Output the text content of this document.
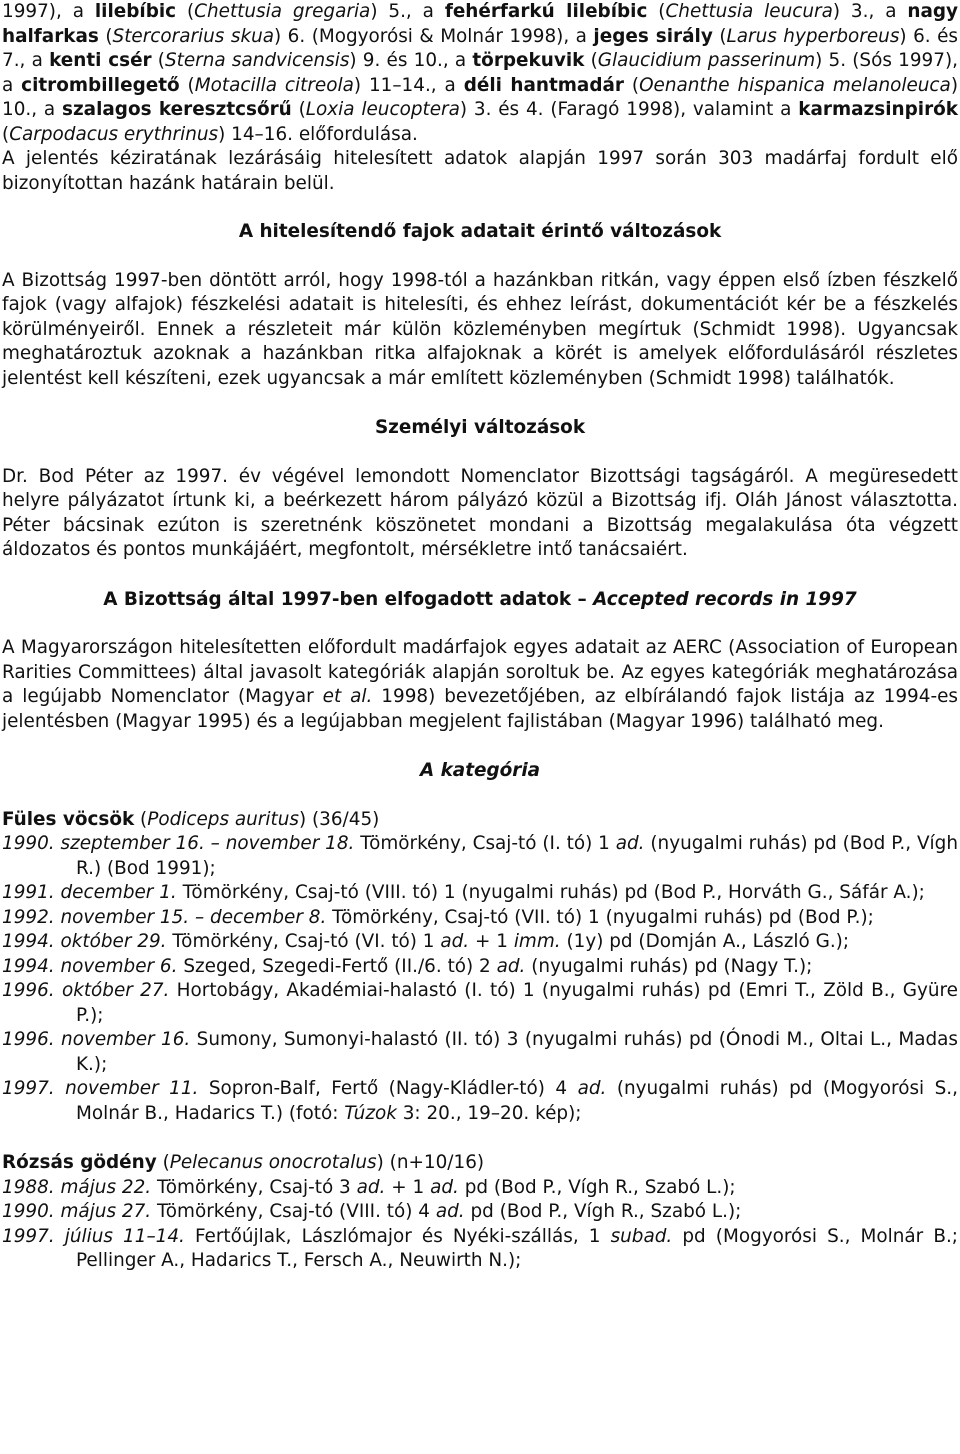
1997), a lilebíbic (Chettusia gregaria) 5., a fehérfarkú lilebíbic (Chettusia leucura) 3., a nagy halfarkas (Stercorarius skua) 6. (Mogyorósi & Molnár 1998), a jeges sirály (Larus hyperboreus) 6. és 7., a kenti csér (Sterna sandvicensis) 9. és 10., a törpekuvik (Glaucidium passerinum) 5. (Sós 1997), a citrombillegető (Motacilla citreola) 11–14., a déli hantmadár (Oenanthe hispanica melanoleuca) 10., a szalagos keresztcsőrű (Loxia leucoptera) 3. és 4. (Faragó 1998), valamint a karmazsinpirók (Carpodacus erythrinus) 14–16. előfordulása.

A jelentés kéziratának lezárásáig hitelesített adatok alapján 1997 során 303 madárfaj fordult elő bizonyítottan hazánk határain belül.

A hitelesítendő fajok adatait érintő változások

A Bizottság 1997-ben döntött arról, hogy 1998-tól a hazánkban ritkán, vagy éppen első ízben fészkelő fajok (vagy alfajok) fészkelési adatait is hitelesíti, és ehhez leírást, dokumentációt kér be a fészkelés körülményeiről. Ennek a részleteit már külön közleményben megírtuk (Schmidt 1998). Ugyancsak meghatároztuk azoknak a hazánkban ritka alfajoknak a körét is amelyek előfordulásáról részletes jelentést kell készíteni, ezek ugyancsak a már említett közleményben (Schmidt 1998) találhatók.

Személyi változások

Dr. Bod Péter az 1997. év végével lemondott Nomenclator Bizottsági tagságáról. A megüresedett helyre pályázatot írtunk ki, a beérkezett három pályázó közül a Bizottság ifj. Oláh Jánost választotta. Péter bácsinak ezúton is szeretnénk köszönetet mondani a Bizottság megalakulása óta végzett áldozatos és pontos munkájáért, megfontolt, mérsékletre intő tanácsaiért.

A Bizottság által 1997-ben elfogadott adatok – Accepted records in 1997

A Magyarországon hitelesítetten előfordult madárfajok egyes adatait az AERC (Association of European Rarities Committees) által javasolt kategóriák alapján soroltuk be. Az egyes kategóriák meghatározása a legújabb Nomenclator (Magyar et al. 1998) bevezetőjében, az elbírálandó fajok listája az 1994-es jelentésben (Magyar 1995) és a legújabban megjelent fajlistában (Magyar 1996) található meg.

A kategória

Füles vöcsök (Podiceps auritus) (36/45)

1990. szeptember 16. – november 18. Tömörkény, Csaj-tó (I. tó) 1 ad. (nyugalmi ruhás) pd (Bod P., Vígh R.) (Bod 1991);

1991. december 1. Tömörkény, Csaj-tó (VIII. tó) 1 (nyugalmi ruhás) pd (Bod P., Horváth G., Sáfár A.);

1992. november 15. – december 8. Tömörkény, Csaj-tó (VII. tó) 1 (nyugalmi ruhás) pd (Bod P.);

1994. október 29. Tömörkény, Csaj-tó (VI. tó) 1 ad. + 1 imm. (1y) pd (Domján A., László G.);

1994. november 6. Szeged, Szegedi-Fertő (II./6. tó) 2 ad. (nyugalmi ruhás) pd (Nagy T.);

1996. október 27. Hortobágy, Akadémiai-halastó (I. tó) 1 (nyugalmi ruhás) pd (Emri T., Zöld B., Gyüre P.);

1996. november 16. Sumony, Sumonyi-halastó (II. tó) 3 (nyugalmi ruhás) pd (Ónodi M., Oltai L., Madas K.);

1997. november 11. Sopron-Balf, Fertő (Nagy-Kládler-tó) 4 ad. (nyugalmi ruhás) pd (Mogyorósi S., Molnár B., Hadarics T.) (fotó: Túzok 3: 20., 19–20. kép);

Rózsás gödény (Pelecanus onocrotalus) (n+10/16)

1988. május 22. Tömörkény, Csaj-tó 3 ad. + 1 ad. pd (Bod P., Vígh R., Szabó L.);

1990. május 27. Tömörkény, Csaj-tó (VIII. tó) 4 ad. pd (Bod P., Vígh R., Szabó L.);

1997. július 11–14. Fertőújlak, Lászlómajor és Nyéki-szállás, 1 subad. pd (Mogyorósi S., Molnár B.; Pellinger A., Hadarics T., Fersch A., Neuwirth N.);
